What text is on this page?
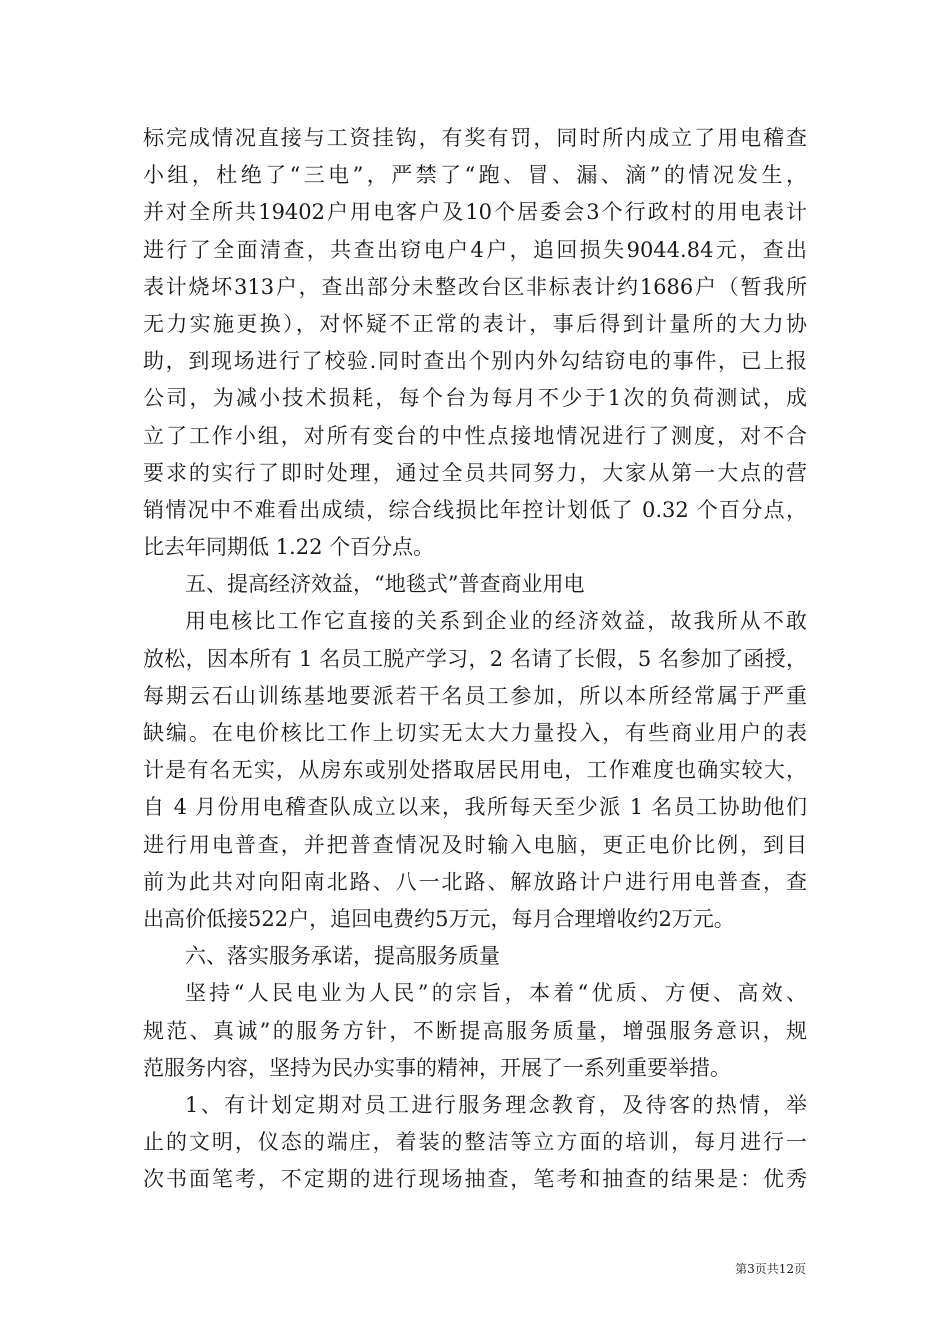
标完成情况直接与工资挂钩，有奖有罚，同时所内成立了用电稽查
小组，杜绝了“三电”，严禁了“跑、冒、漏、滴”的情况发生，
并对全所共19402户用电客户及10个居委会3个行政村的用电表计
进行了全面清查，共查出窃电户4户，追回损失9044.84元，查出
表计烧坏313户，查出部分未整改台区非标表计约1686户（暂我所
无力实施更换），对怀疑不正常的表计，事后得到计量所的大力协
助，到现场进行了校验.同时查出个别内外勾结窃电的事件，已上报
公司，为减小技术损耗，每个台为每月不少于1次的负荷测试，成
立了工作小组，对所有变台的中性点接地情况进行了测度，对不合
要求的实行了即时处理，通过全员共同努力，大家从第一大点的营
销情况中不难看出成绩，综合线损比年控计划低了 0.32 个百分点，
比去年同期低 1.22 个百分点。
五、提高经济效益，“地毯式”普查商业用电
用电核比工作它直接的关系到企业的经济效益，故我所从不敢
放松，因本所有 1 名员工脱产学习，2 名请了长假，5 名参加了函授，
每期云石山训练基地要派若干名员工参加，所以本所经常属于严重
缺编。在电价核比工作上切实无太大力量投入，有些商业用户的表
计是有名无实，从房东或别处搭取居民用电，工作难度也确实较大，
自 4 月份用电稽查队成立以来，我所每天至少派 1 名员工协助他们
进行用电普查，并把普查情况及时输入电脑，更正电价比例，到目
前为此共对向阳南北路、八一北路、解放路计户进行用电普查，查
出高价低接522户，追回电费约5万元，每月合理增收约2万元。
六、落实服务承诺，提高服务质量
坚持“人民电业为人民”的宗旨，本着“优质、方便、高效、
规范、真诚”的服务方针，不断提高服务质量，增强服务意识，规
范服务内容，坚持为民办实事的精神，开展了一系列重要举措。
1、有计划定期对员工进行服务理念教育，及待客的热情，举
止的文明，仪态的端庄，着装的整洁等立方面的培训，每月进行一
次书面笔考，不定期的进行现场抽查，笔考和抽查的结果是：优秀
第3页共12页
